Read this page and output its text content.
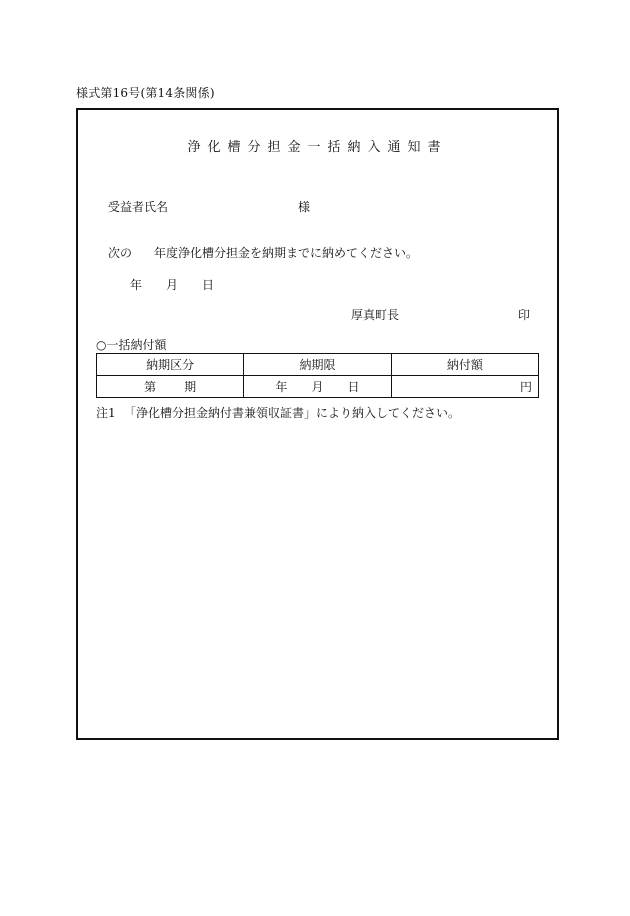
様式第16号(第14条関係)
浄化槽分担金一括納入通知書
受益者氏名	様
次の 年度浄化槽分担金を納期までに納めてください。
年 月 日
厚真町長	印
○一括納付額
納期区分	納期限	納付額
第 期	年 月 日	円
注1 「浄化槽分担金納付書兼領収証書」により納入してください。
